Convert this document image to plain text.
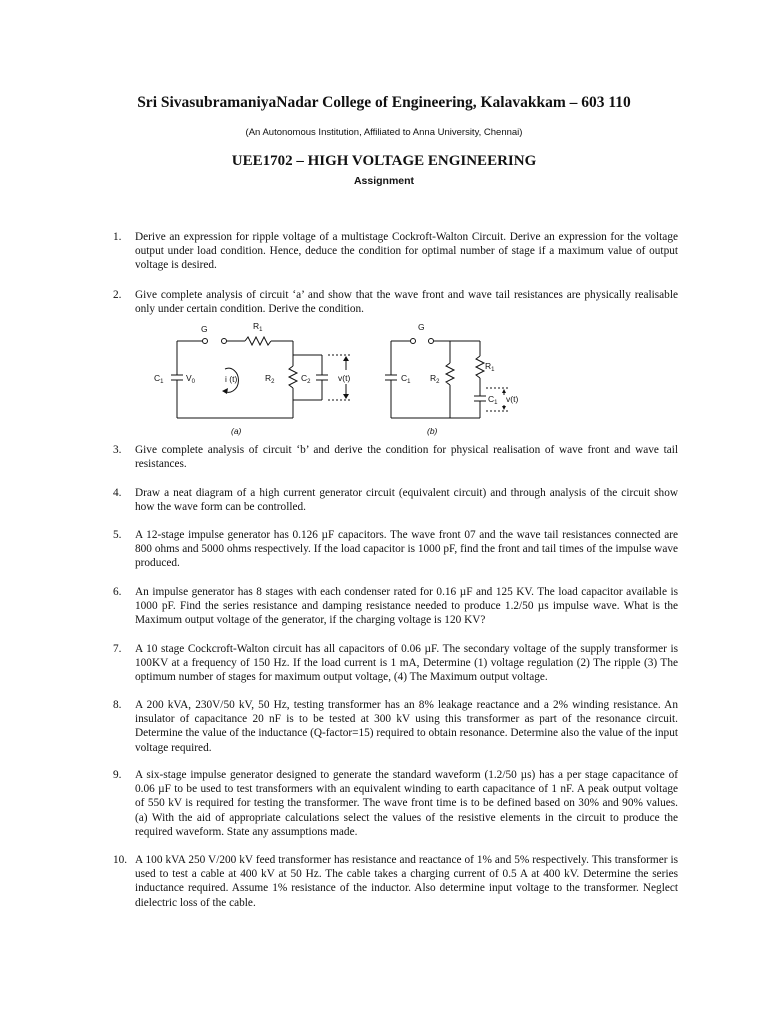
Sri SivasubramaniyaNadar College of Engineering, Kalavakkam – 603 110
(An Autonomous Institution, Affiliated to Anna University, Chennai)
UEE1702 – HIGH VOLTAGE ENGINEERING
Assignment
1. Derive an expression for ripple voltage of a multistage Cockroft-Walton Circuit. Derive an expression for the voltage output under load condition. Hence, deduce the condition for optimal number of stage if a maximum value of output voltage is desired.
2. Give complete analysis of circuit ‘a’ and show that the wave front and wave tail resistances are physically realisable only under certain condition. Derive the condition.
G	$R_1$
$C_1$	$V_0$	i (t)	$R_2$	$C_2$	v(t)
(a)
G
$C_1$ $R_2$
$R_1$
$C_1$ v(t)
(b)
3. Give complete analysis of circuit ‘b’ and derive the condition for physical realisation of wave front and wave tail resistances.
4. Draw a neat diagram of a high current generator circuit (equivalent circuit) and through analysis of the circuit show how the wave form can be controlled.
5. A 12-stage impulse generator has 0.126 µF capacitors. The wave front 07 and the wave tail resistances connected are 800 ohms and 5000 ohms respectively. If the load capacitor is 1000 pF, find the front and tail times of the impulse wave produced.
6. An impulse generator has 8 stages with each condenser rated for 0.16 µF and 125 KV. The load capacitor available is 1000 pF. Find the series resistance and damping resistance needed to produce 1.2/50 µs impulse wave. What is the Maximum output voltage of the generator, if the charging voltage is 120 KV?
7. A 10 stage Cockcroft-Walton circuit has all capacitors of 0.06 µF. The secondary voltage of the supply transformer is 100KV at a frequency of 150 Hz. If the load current is 1 mA, Determine (1) voltage regulation (2) The ripple (3) The optimum number of stages for maximum output voltage, (4) The Maximum output voltage.
8. A 200 kVA, 230V/50 kV, 50 Hz, testing transformer has an 8% leakage reactance and a 2% winding resistance. An insulator of capacitance 20 nF is to be tested at 300 kV using this transformer as part of the resonance circuit. Determine the value of the inductance (Q-factor=15) required to obtain resonance. Determine also the value of the input voltage required.
9. A six-stage impulse generator designed to generate the standard waveform (1.2/50 µs) has a per stage capacitance of 0.06 µF to be used to test transformers with an equivalent winding to earth capacitance of 1 nF. A peak output voltage of 550 kV is required for testing the transformer. The wave front time is to be defined based on 30% and 90% values. (a) With the aid of appropriate calculations select the values of the resistive elements in the circuit to produce the required waveform. State any assumptions made.
10. A 100 kVA 250 V/200 kV feed transformer has resistance and reactance of 1% and 5% respectively. This transformer is used to test a cable at 400 kV at 50 Hz. The cable takes a charging current of 0.5 A at 400 kV. Determine the series inductance required. Assume 1% resistance of the inductor. Also determine input voltage to the transformer. Neglect dielectric loss of the cable.
